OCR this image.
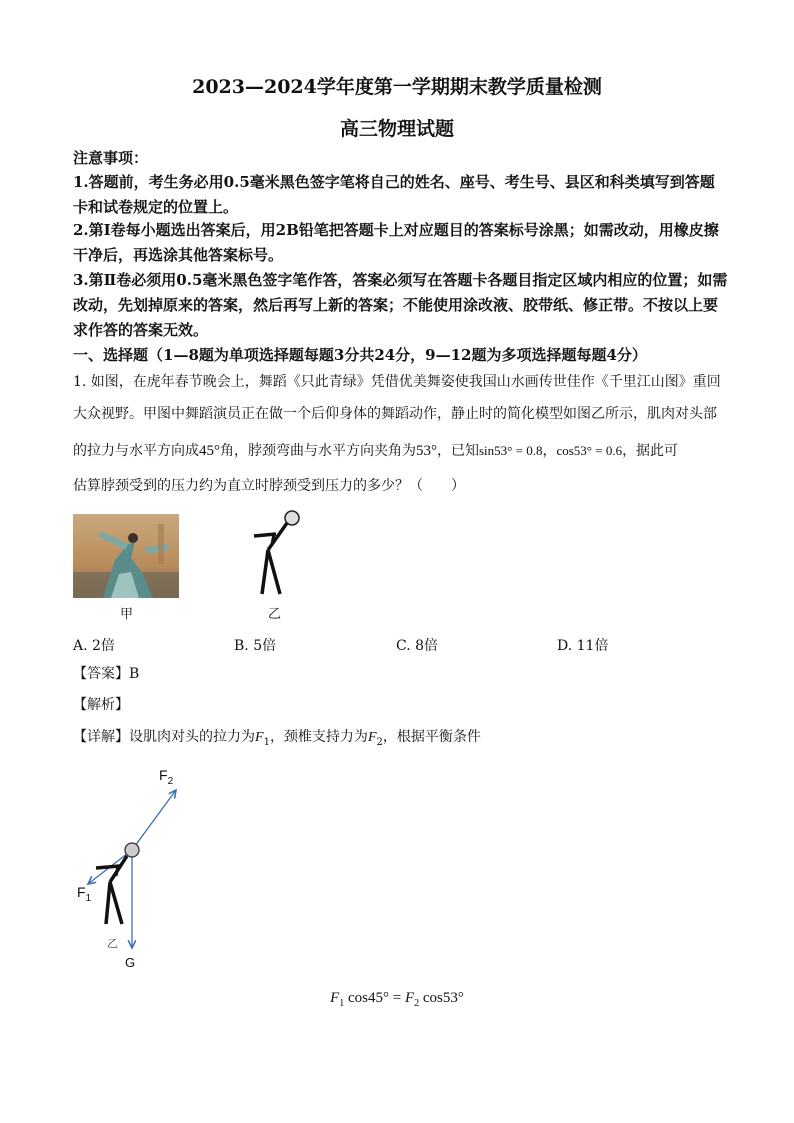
2023—2024学年度第一学期期末教学质量检测
高三物理试题
注意事项：
1.答题前，考生务必用0.5毫米黑色签字笔将自己的姓名、座号、考生号、县区和科类填写到答题卡和试卷规定的位置上。
2.第Ⅰ卷每小题选出答案后，用2B铅笔把答题卡上对应题目的答案标号涂黑；如需改动，用橡皮擦干净后，再选涂其他答案标号。
3.第Ⅱ卷必须用0.5毫米黑色签字笔作答，答案必须写在答题卡各题目指定区域内相应的位置；如需改动，先划掉原来的答案，然后再写上新的答案；不能使用涂改液、胶带纸、修正带。不按以上要求作答的答案无效。
一、选择题（1—8题为单项选择题每题3分共24分，9—12题为多项选择题每题4分）
1. 如图，在虎年春节晚会上，舞蹈《只此青绿》凭借优美舞姿使我国山水画传世佳作《千里江山图》重回
大众视野。甲图中舞蹈演员正在做一个后仰身体的舞蹈动作，静止时的简化模型如图乙所示，肌肉对头部
的拉力与水平方向成45°角，脖颈弯曲与水平方向夹角为53°，已知sin53° = 0.8，cos53° = 0.6，据此可
估算脖颈受到的压力约为直立时脖颈受到压力的多少？（　　）
甲	乙
A. 2倍	B. 5倍	C. 8倍	D. 11倍
【答案】B
【解析】
【详解】设肌肉对头的拉力为$F_1$，颈椎支持力为$F_2$，根据平衡条件
$F_2$
$F_1$
G
乙
$F_1$ $\cos 45^\circ = F_2$ cos53°
